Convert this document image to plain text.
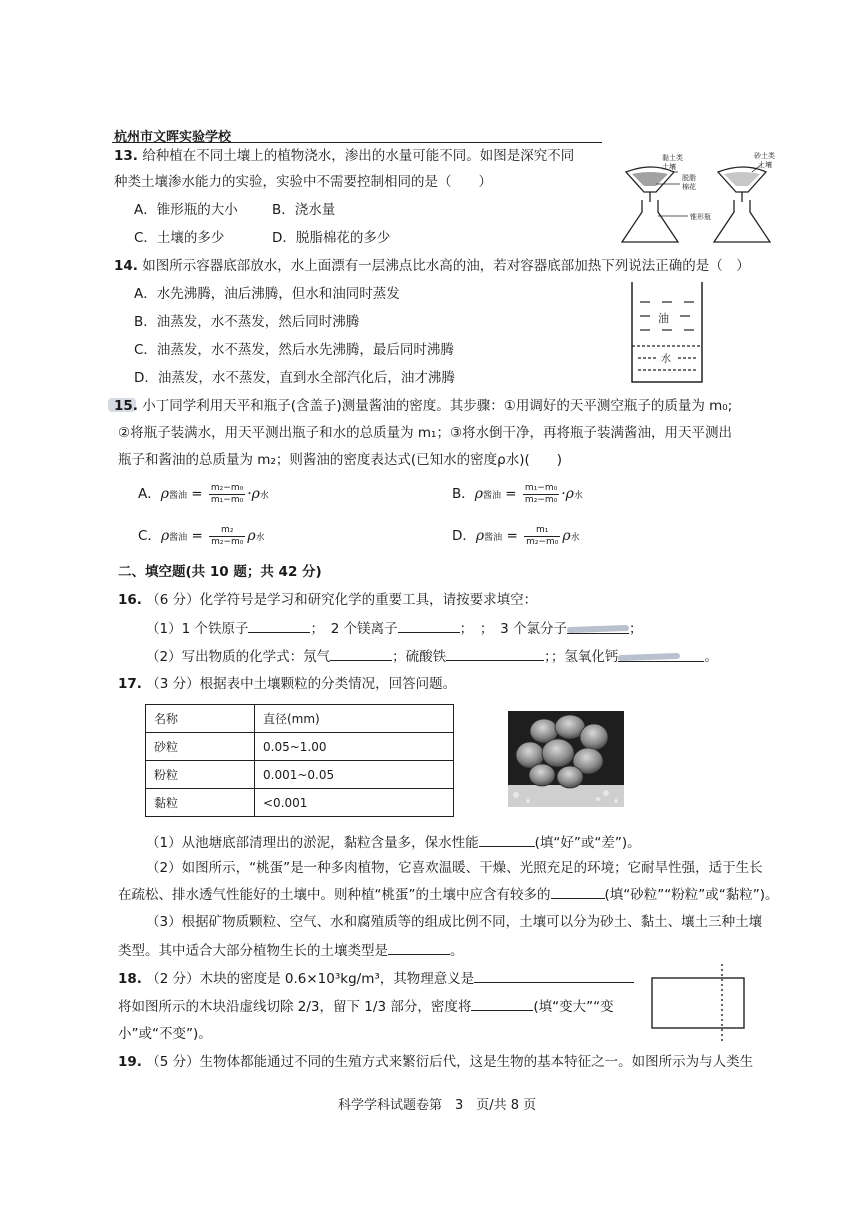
杭州市文晖实验学校
13. 给种植在不同土壤上的植物浇水，渗出的水量可能不同。如图是深究不同
种类土壤渗水能力的实验，实验中不需要控制相同的是（　　）
A．锥形瓶的大小	B．浇水量
C．土壤的多少	D．脱脂棉花的多少
黏土类
土壤
脱脂
棉花
锥形瓶
砂土类
土壤
14. 如图所示容器底部放水，水上面漂有一层沸点比水高的油，若对容器底部加热下列说法正确的是（　）
A．水先沸腾，油后沸腾，但水和油同时蒸发
B．油蒸发，水不蒸发，然后同时沸腾
C．油蒸发，水不蒸发，然后水先沸腾，最后同时沸腾
D．油蒸发，水不蒸发，直到水全部汽化后，油才沸腾
油
水
15. 小丁同学利用天平和瓶子(含盖子)测量酱油的密度。其步骤：①用调好的天平测空瓶子的质量为 m₀;
②将瓶子装满水，用天平测出瓶子和水的总质量为 m₁；③将水倒干净，再将瓶子装满酱油，用天平测出
瓶子和酱油的总质量为 m₂；则酱油的密度表达式(已知水的密度ρ水)(　　)
A．ρ酱油 = $\frac{\text{m₂−m₀}}{\text{m₁−m₀}} \cdot\rho$水	B．ρ酱油 = $\frac{\text{m₁−m₀}}{\text{m₂−m₀}} \cdot\rho$水
C．ρ酱油 = $\frac{\text{m₂}}{\text{m₂−m₀}}$ ρ水	D．ρ酱油 = $\frac{\text{m₁}}{\text{m₂−m₀}}$ ρ水
二、填空题(共 10 题；共 42 分)
16. （6 分）化学符号是学习和研究化学的重要工具，请按要求填空：
（1）1 个铁原子	；　2 个镁离子	；　；　3 个氯分子	；
（2）写出物质的化学式：氖气	；硫酸铁	；；氢氧化钙	。
17. （3 分）根据表中土壤颗粒的分类情况，回答问题。
名称	直径(mm)
砂粒	0.05~1.00
粉粒	0.001~0.05
黏粒	<0.001
（1）从池塘底部清理出的淤泥，黏粒含量多，保水性能	(填“好”或“差”)。
（2）如图所示，“桃蛋”是一种多肉植物，它喜欢温暖、干燥、光照充足的环境；它耐旱性强，适于生长
在疏松、排水透气性能好的土壤中。则种植“桃蛋”的土壤中应含有较多的	(填“砂粒”“粉粒”或“黏粒”)。
（3）根据矿物质颗粒、空气、水和腐殖质等的组成比例不同，土壤可以分为砂土、黏土、壤土三种土壤
类型。其中适合大部分植物生长的土壤类型是	。
18. （2 分）木块的密度是 0.6×10³kg/m³，其物理意义是
将如图所示的木块沿虚线切除 2/3，留下 1/3 部分，密度将	(填“变大”“变
小”或“不变”)。
19. （5 分）生物体都能通过不同的生殖方式来繁衍后代，这是生物的基本特征之一。如图所示为与人类生
科学学科试题卷第　3　页/共 8 页
